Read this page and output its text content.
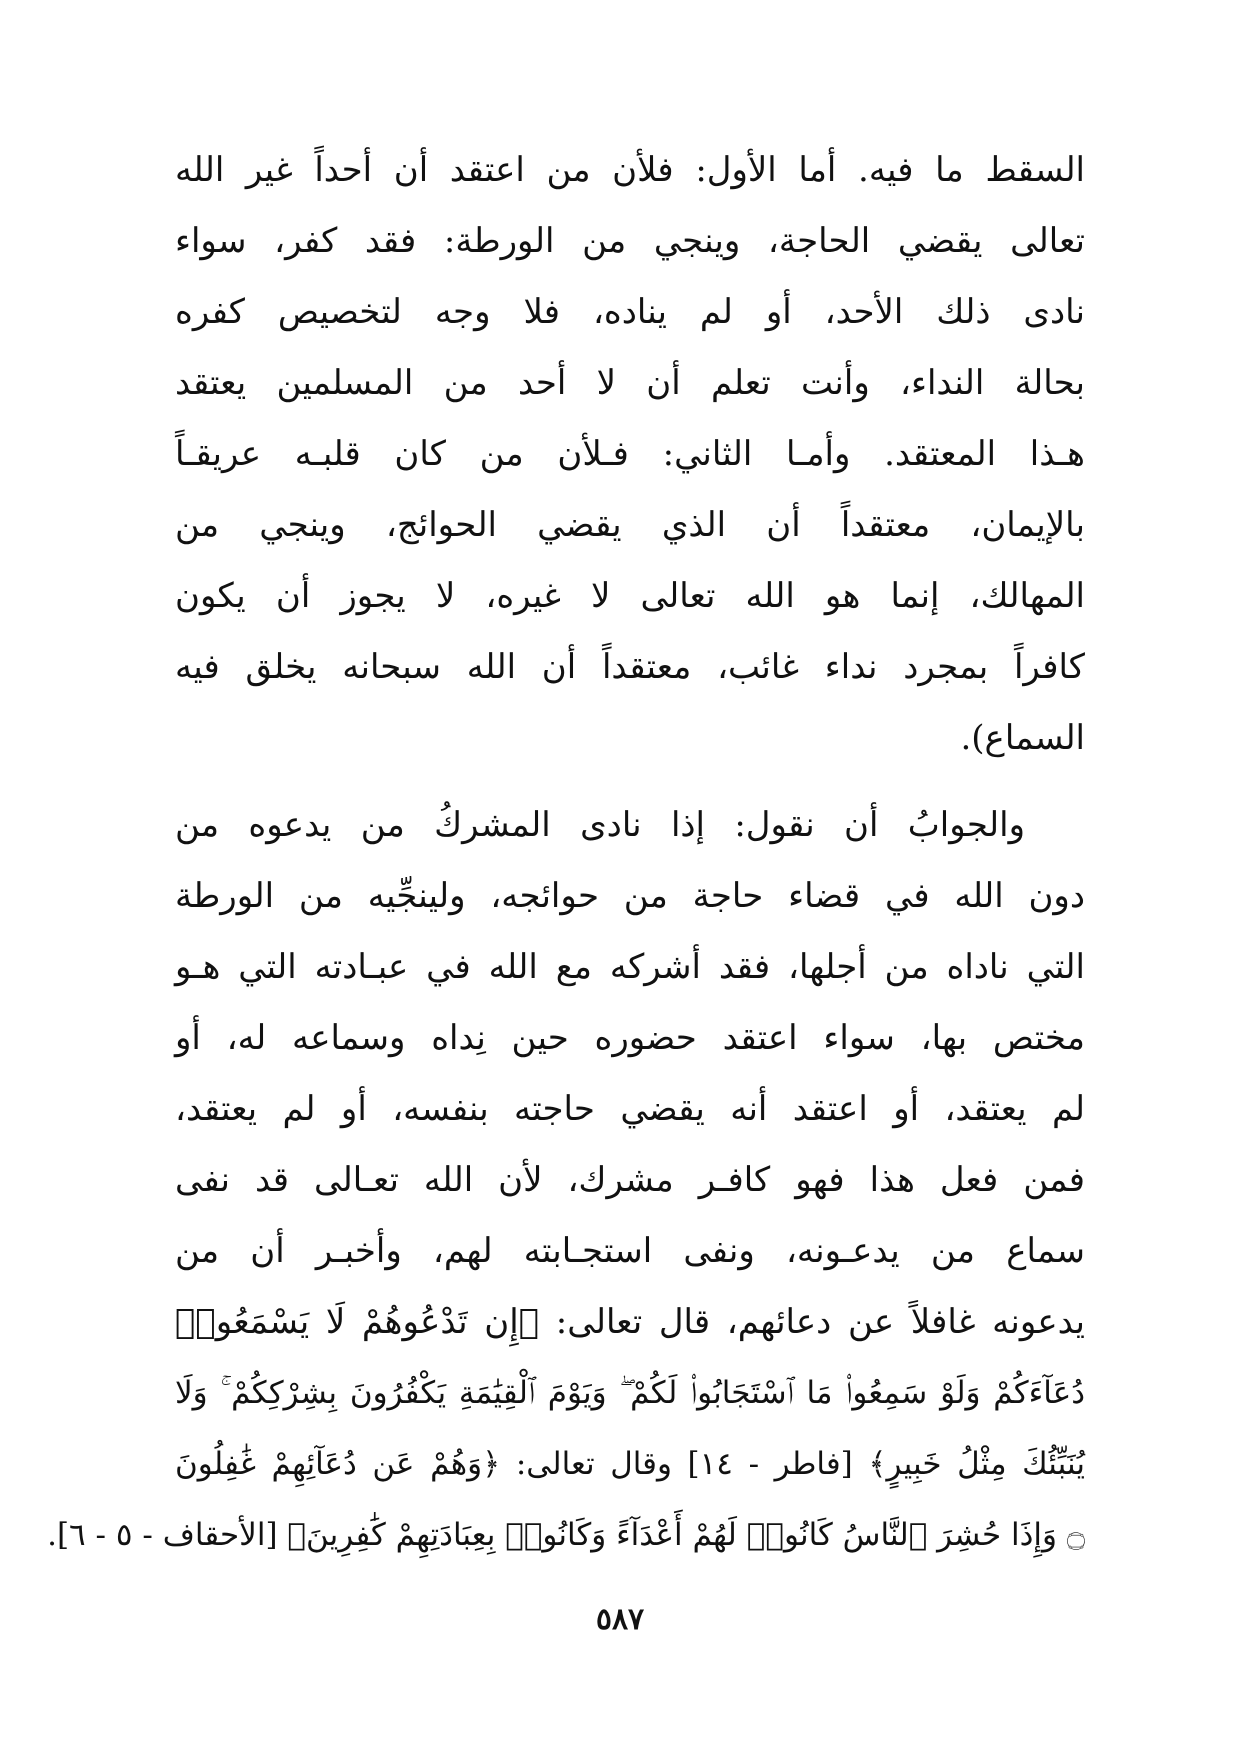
السقط ما فيه. أما الأول: فلأن من اعتقد أن أحداً غير الله
تعالى يقضي الحاجة، وينجي من الورطة: فقد كفر، سواء
نادى ذلك الأحد، أو لم يناده، فلا وجه لتخصيص كفره
بحالة النداء، وأنت تعلم أن لا أحد من المسلمين يعتقد
هـذا المعتقد. وأمـا الثاني: فـلأن من كان قلبـه عريقـاً
بالإيمان، معتقداً أن الذي يقضي الحوائج، وينجي من
المهالك، إنما هو الله تعالى لا غيره، لا يجوز أن يكون
كافراً بمجرد نداء غائب، معتقداً أن الله سبحانه يخلق فيه
السماع).
والجوابُ أن نقول: إذا نادى المشركُ من يدعوه من
دون الله في قضاء حاجة من حوائجه، ولينجِّيه من الورطة
التي ناداه من أجلها، فقد أشركه مع الله في عبـادته التي هـو
مختص بها، سواء اعتقد حضوره حين نِداه وسماعه له، أو
لم يعتقد، أو اعتقد أنه يقضي حاجته بنفسه، أو لم يعتقد،
فمن فعل هذا فهو كافـر مشرك، لأن الله تعـالى قد نفى
سماع من يدعـونه، ونفى استجـابته لهم، وأخبـر أن من
يدعونه غافلاً عن دعائهم، قال تعالى: ﴿إِن تَدْعُوهُمْ لَا يَسْمَعُوا۟
دُعَآءَكُمْ وَلَوْ سَمِعُوا۟ مَا ٱسْتَجَابُوا۟ لَكُمْ ۖ وَيَوْمَ ٱلْقِيَٰمَةِ يَكْفُرُونَ بِشِرْكِكُمْ ۚ وَلَا
يُنَبِّئُكَ مِثْلُ خَبِيرٍ﴾ [فاطر - ١٤] وقال تعالى: ﴿وَهُمْ عَن دُعَآئِهِمْ غَٰفِلُونَ
۝ وَإِذَا حُشِرَ ٱلنَّاسُ كَانُوا۟ لَهُمْ أَعْدَآءً وَكَانُوا۟ بِعِبَادَتِهِمْ كَٰفِرِينَ﴾ [الأحقاف - ٥ - ٦].
٥٨٧
